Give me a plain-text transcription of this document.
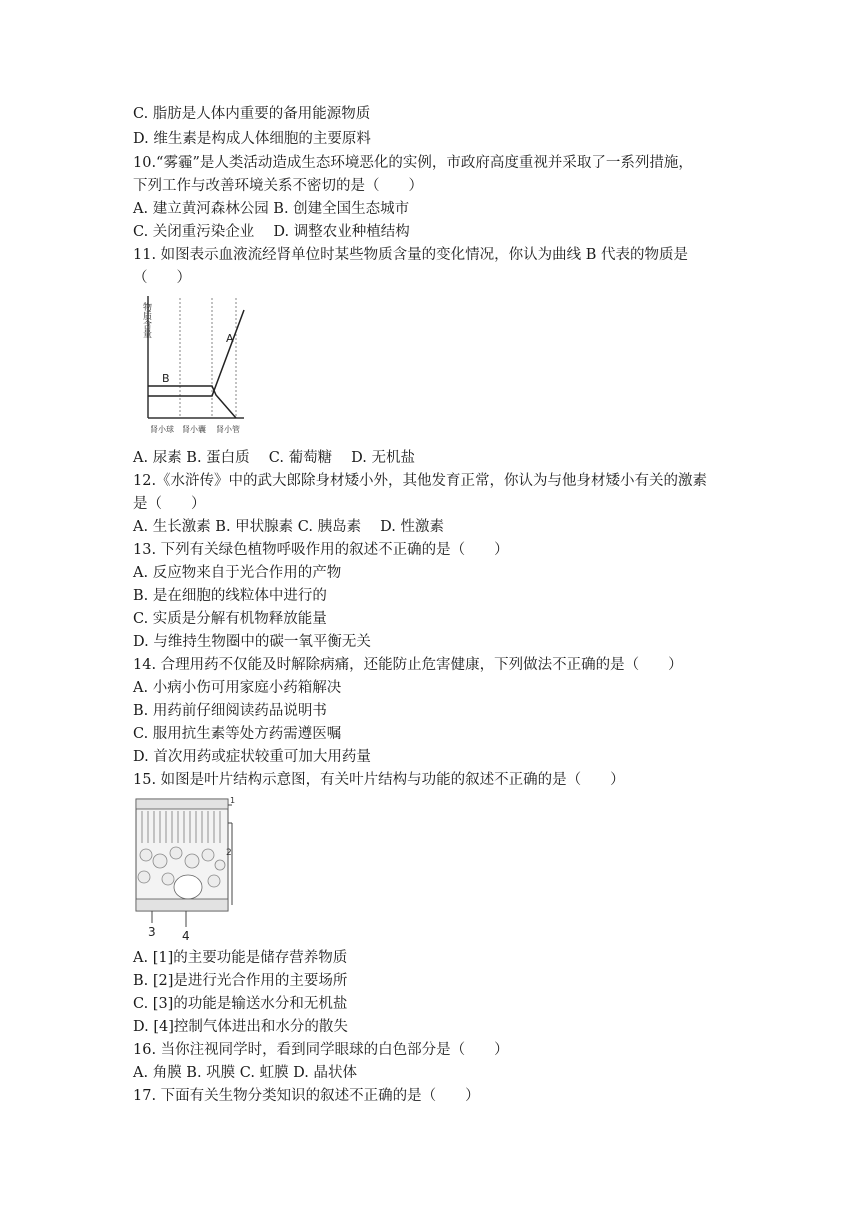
C. 脂肪是人体内重要的备用能源物质
D. 维生素是构成人体细胞的主要原料
10.“雾霾”是人类活动造成生态环境恶化的实例，市政府高度重视并采取了一系列措施，
下列工作与改善环境关系不密切的是（　　）
A. 建立黄河森林公园 B. 创建全国生态城市
C. 关闭重污染企业　 D. 调整农业种植结构
11. 如图表示血液流经肾单位时某些物质含量的变化情况，你认为曲线 B 代表的物质是
（　　）
物质含量
A
B
肾小球 肾小囊 肾小管
A. 尿素 B. 蛋白质　 C. 葡萄糖　 D. 无机盐
12.《水浒传》中的武大郎除身材矮小外，其他发育正常，你认为与他身材矮小有关的激素
是（　　）
A. 生长激素 B. 甲状腺素 C. 胰岛素　 D. 性激素
13. 下列有关绿色植物呼吸作用的叙述不正确的是（　　）
A. 反应物来自于光合作用的产物
B. 是在细胞的线粒体中进行的
C. 实质是分解有机物释放能量
D. 与维持生物圈中的碳一氧平衡无关
14. 合理用药不仅能及时解除病痛，还能防止危害健康，下列做法不正确的是（　　）
A. 小病小伤可用家庭小药箱解决
B. 用药前仔细阅读药品说明书
C. 服用抗生素等处方药需遵医嘱
D. 首次用药或症状较重可加大用药量
15. 如图是叶片结构示意图，有关叶片结构与功能的叙述不正确的是（　　）
2
3 4
1
A. [1]的主要功能是储存营养物质
B. [2]是进行光合作用的主要场所
C. [3]的功能是输送水分和无机盐
D. [4]控制气体进出和水分的散失
16. 当你注视同学时，看到同学眼球的白色部分是（　　）
A. 角膜 B. 巩膜 C. 虹膜 D. 晶状体
17. 下面有关生物分类知识的叙述不正确的是（　　）
